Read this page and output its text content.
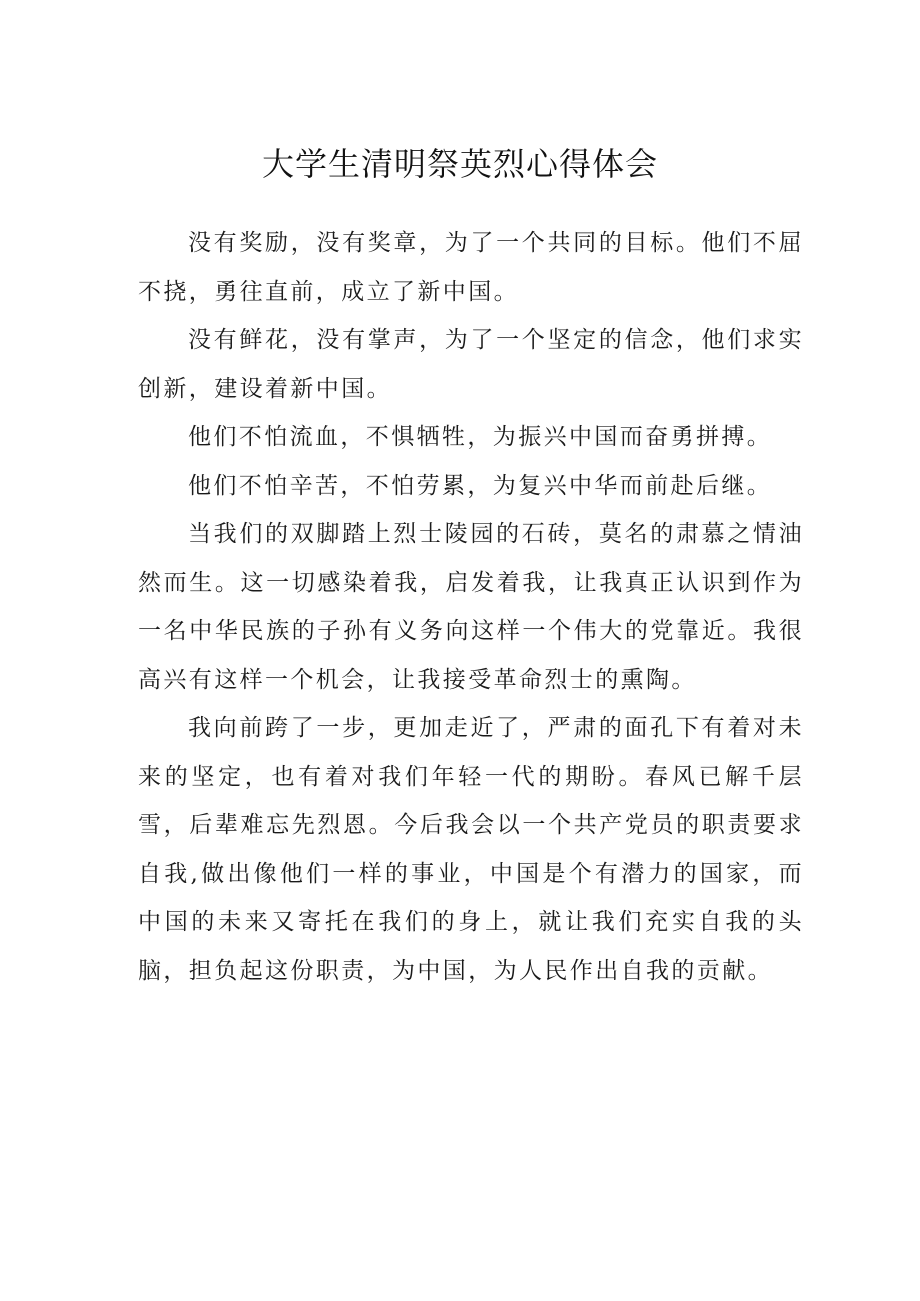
大学生清明祭英烈心得体会

没有奖励，没有奖章，为了一个共同的目标。他们不屈不挠，勇往直前，成立了新中国。

没有鲜花，没有掌声，为了一个坚定的信念，他们求实创新，建设着新中国。

他们不怕流血，不惧牺牲，为振兴中国而奋勇拼搏。

他们不怕辛苦，不怕劳累，为复兴中华而前赴后继。

当我们的双脚踏上烈士陵园的石砖，莫名的肃慕之情油然而生。这一切感染着我，启发着我，让我真正认识到作为一名中华民族的子孙有义务向这样一个伟大的党靠近。我很高兴有这样一个机会，让我接受革命烈士的熏陶。

我向前跨了一步，更加走近了，严肃的面孔下有着对未来的坚定，也有着对我们年轻一代的期盼。春风已解千层雪，后辈难忘先烈恩。今后我会以一个共产党员的职责要求自我,做出像他们一样的事业，中国是个有潜力的国家，而中国的未来又寄托在我们的身上，就让我们充实自我的头脑，担负起这份职责，为中国，为人民作出自我的贡献。
